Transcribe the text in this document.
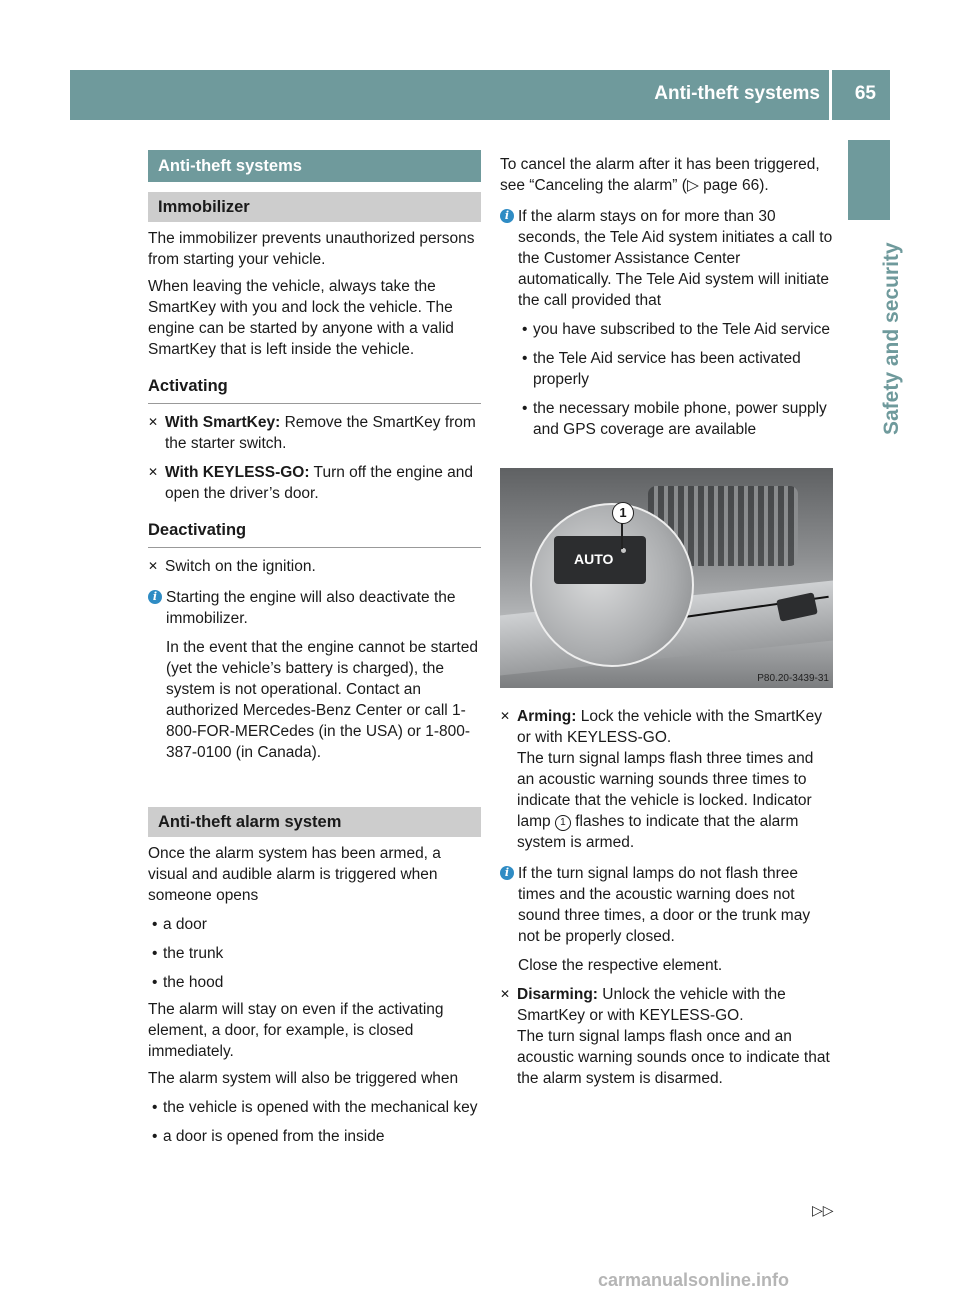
Anti-theft systems 65
Safety and security
Anti-theft systems
Immobilizer

The immobilizer prevents unauthorized persons from starting your vehicle.

When leaving the vehicle, always take the SmartKey with you and lock the vehicle. The engine can be started by anyone with a valid SmartKey that is left inside the vehicle.

Activating
✕ With SmartKey: Remove the SmartKey from the starter switch.
✕ With KEYLESS-GO: Turn off the engine and open the driver’s door.
Deactivating
✕ Switch on the ignition.
i Starting the engine will also deactivate the immobilizer.

In the event that the engine cannot be started (yet the vehicle’s battery is charged), the system is not operational. Contact an authorized Mercedes-Benz Center or call 1-800-FOR-MERCedes (in the USA) or 1-800-387-0100 (in Canada).

Anti-theft alarm system

Once the alarm system has been armed, a visual and audible alarm is triggered when someone opens

• a door
• the trunk
• the hood

The alarm will stay on even if the activating element, a door, for example, is closed immediately.

The alarm system will also be triggered when

• the vehicle is opened with the mechanical key
• a door is opened from the inside

To cancel the alarm after it has been triggered, see “Canceling the alarm” (▷ page 66).

i If the alarm stays on for more than 30 seconds, the Tele Aid system initiates a call to the Customer Assistance Center automatically. The Tele Aid system will initiate the call provided that

• you have subscribed to the Tele Aid service
• the Tele Aid service has been activated properly
• the necessary mobile phone, power supply and GPS coverage are available
AUTO
1
P80.20-3439-31
✕ Arming: Lock the vehicle with the SmartKey or with KEYLESS-GO.
The turn signal lamps flash three times and an acoustic warning sounds three times to indicate that the vehicle is locked. Indicator lamp 1 flashes to indicate that the alarm system is armed.
i If the turn signal lamps do not flash three times and the acoustic warning does not sound three times, a door or the trunk may not be properly closed.

Close the respective element.

✕ Disarming: Unlock the vehicle with the SmartKey or with KEYLESS-GO.
The turn signal lamps flash once and an acoustic warning sounds once to indicate that the alarm system is disarmed.
▷▷
carmanualsonline.info
